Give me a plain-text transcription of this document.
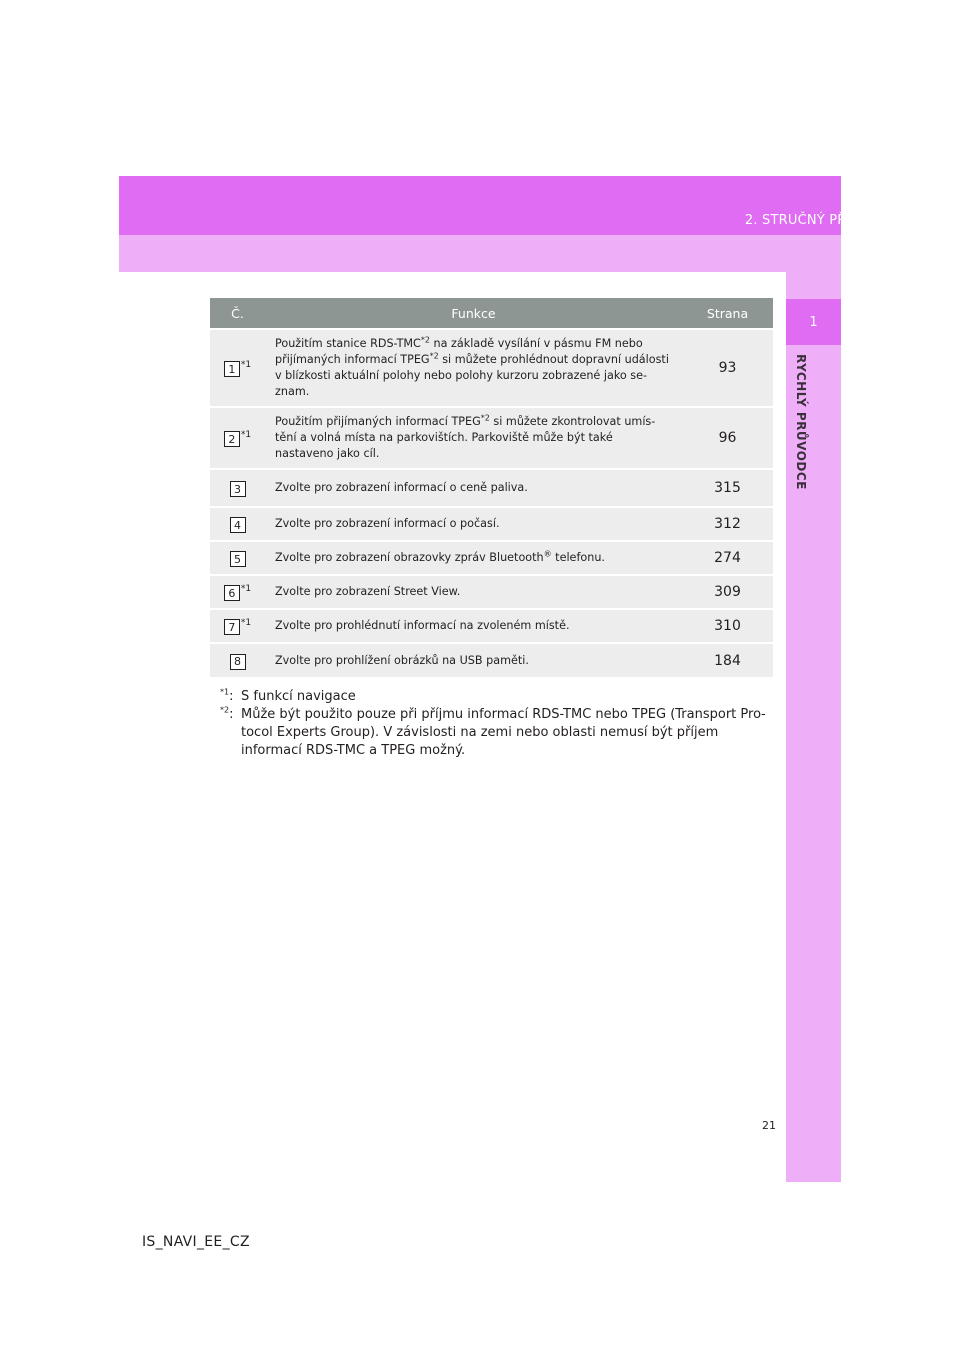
2. STRUČNÝ PŘEHLED
1
RYCHLÝ PRŮVODCE
Č.	Funkce	Strana
1 $^{*1}$	Použitím stanice RDS-TMC$^{*2}$ na základě vysílání v pásmu FM nebo přijímaných informací TPEG$^{*2}$ si můžete prohlédnout dopravní události v blízkosti aktuální polohy nebo polohy kurzoru zobrazené jako seznam.	93
2 $^{*1}$	Použitím přijímaných informací TPEG$^{*2}$ si můžete zkontrolovat umístění a volná místa na parkovištích. Parkoviště může být také nastaveno jako cíl.	96
3	Zvolte pro zobrazení informací o ceně paliva.	315
4	Zvolte pro zobrazení informací o počasí.	312
5	Zvolte pro zobrazení obrazovky zpráv Bluetooth® telefonu.	274
6 $^{*1}$	Zvolte pro zobrazení Street View.	309
7 $^{*1}$	Zvolte pro prohlédnutí informací na zvoleném místě.	310
8	Zvolte pro prohlížení obrázků na USB paměti.	184
$^{*1}$: S funkcí navigace
$^{*2}$: Může být použito pouze při příjmu informací RDS-TMC nebo TPEG (Transport Protocol Experts Group). V závislosti na zemi nebo oblasti nemusí být příjem informací RDS-TMC a TPEG možný.
21
IS_NAVI_EE_CZ
